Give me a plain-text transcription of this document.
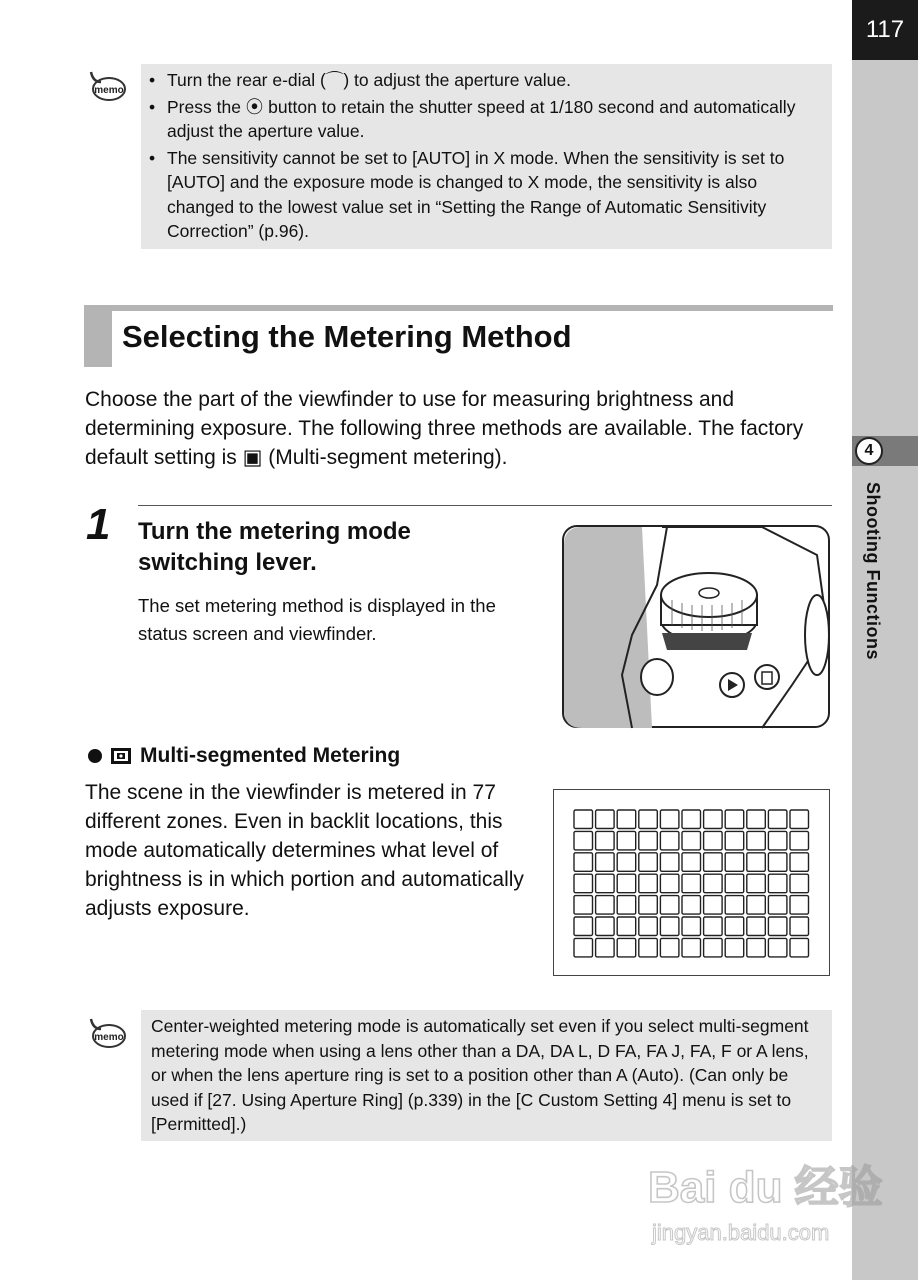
117
4
Shooting Functions
memo
• Turn the rear e-dial (⌒) to adjust the aperture value.
• Press the ⦿ button to retain the shutter speed at 1/180 second and automatically adjust the aperture value.
• The sensitivity cannot be set to [AUTO] in X mode. When the sensitivity is set to [AUTO] and the exposure mode is changed to X mode, the sensitivity is also changed to the lowest value set in “Setting the Range of Automatic Sensitivity Correction” (p.96).
Selecting the Metering Method
Choose the part of the viewfinder to use for measuring brightness and determining exposure. The following three methods are available. The factory default setting is ▣ (Multi-segment metering).
1 Turn the metering mode switching lever.
The set metering method is displayed in the status screen and viewfinder.
Multi-segmented Metering
The scene in the viewfinder is metered in 77 different zones. Even in backlit locations, this mode automatically determines what level of brightness is in which portion and automatically adjusts exposure.
memo
Center-weighted metering mode is automatically set even if you select multi-segment metering mode when using a lens other than a DA, DA L, D FA, FA J, FA, F or A lens, or when the lens aperture ring is set to a position other than A (Auto). (Can only be used if [27. Using Aperture Ring] (p.339) in the [C Custom Setting 4] menu is set to [Permitted].)
Bai du 经验
jingyan.baidu.com
